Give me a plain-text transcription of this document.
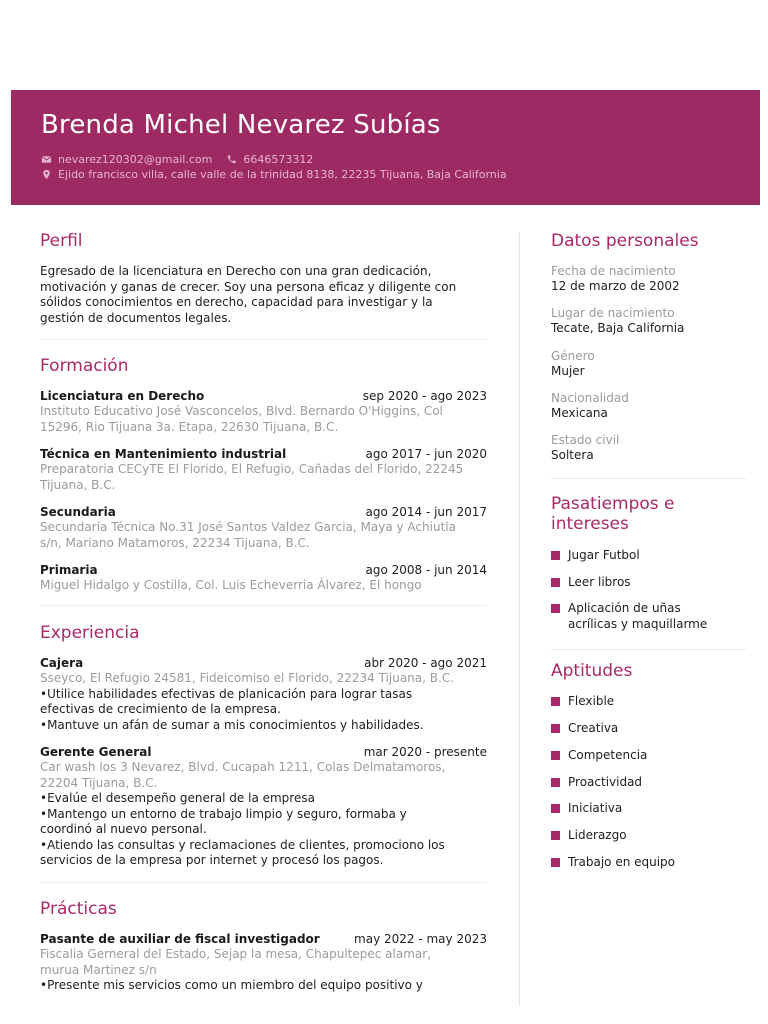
Brenda Michel Nevarez Subías
nevarez120302@gmail.com	6646573312
Ejido francisco villa, calle valle de la trinidad 8138, 22235 Tijuana, Baja California
Perfil
Egresado de la licenciatura en Derecho con una gran dedicación,
motivación y ganas de crecer. Soy una persona eficaz y diligente con
sólidos conocimientos en derecho, capacidad para investigar y la
gestión de documentos legales.
Formación
Licenciatura en Derecho	sep 2020 - ago 2023
Instituto Educativo José Vasconcelos, Blvd. Bernardo O'Higgins, Col
15296, Rio Tijuana 3a. Etapa, 22630 Tijuana, B.C.
Técnica en Mantenimiento industrial	ago 2017 - jun 2020
Preparatoria CECyTE El Florido, El Refugio, Cañadas del Florido, 22245
Tijuana, B.C.
Secundaria	ago 2014 - jun 2017
Secundaria Técnica No.31 José Santos Valdez Garcia, Maya y Achiutla
s/n, Mariano Matamoros, 22234 Tijuana, B.C.
Primaria	ago 2008 - jun 2014
Miguel Hidalgo y Costilla, Col. Luis Echeverria Álvarez, El hongo
Experiencia
Cajera	abr 2020 - ago 2021
Sseyco, El Refugio 24581, Fideicomiso el Florido, 22234 Tijuana, B.C.
•Utilice habilidades efectivas de planicación para lograr tasas
efectivas de crecimiento de la empresa.
•Mantuve un afán de sumar a mis conocimientos y habilidades.
Gerente General	mar 2020 - presente
Car wash los 3 Nevarez, Blvd. Cucapah 1211, Colas Delmatamoros,
22204 Tijuana, B.C.
•Evalúe el desempeño general de la empresa
•Mantengo un entorno de trabajo limpio y seguro, formaba y
coordinó al nuevo personal.
•Atiendo las consultas y reclamaciones de clientes, promociono los
servicios de la empresa por internet y procesó los pagos.
Prácticas
Pasante de auxiliar de fiscal investigador	may 2022 - may 2023
Fiscalia Gerneral del Estado, Sejap la mesa, Chapultepec alamar,
murua Martinez s/n
•Presente mis servicios como un miembro del equipo positivo y
Datos personales
Fecha de nacimiento
12 de marzo de 2002
Lugar de nacimiento
Tecate, Baja California
Género
Mujer
Nacionalidad
Mexicana
Estado civil
Soltera
Pasatiempos e
intereses
Jugar Futbol
Leer libros
Aplicación de uñas
acrílicas y maquillarme
Aptitudes
Flexible
Creativa
Competencia
Proactividad
Iniciativa
Liderazgo
Trabajo en equipo
